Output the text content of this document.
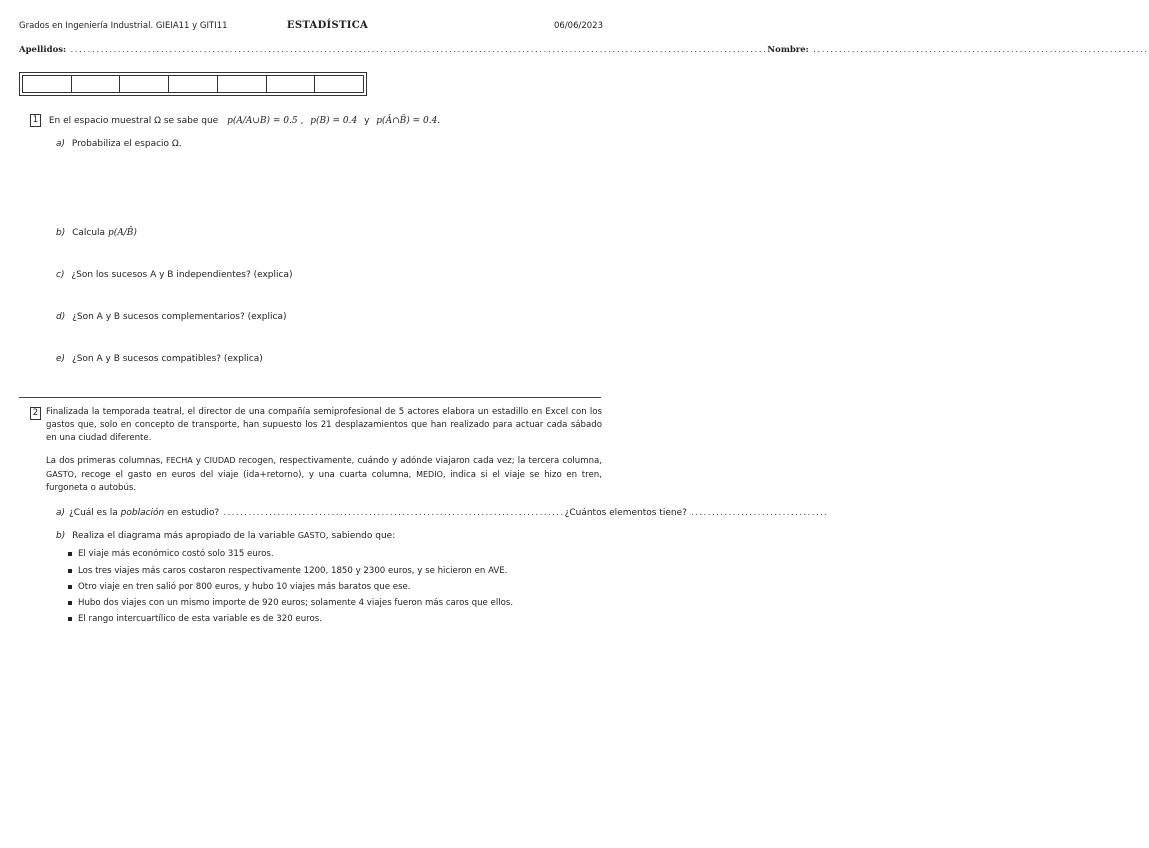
Grados en Ingeniería Industrial. GIEIA11 y GITI11	ESTADÍSTICA	06/06/2023
Apellidos: .................................................................................................................................................................. Nombre: ..............................................................................
1 En el espacio muestral Ω se sabe que p(A/A∪B) = 0.5 , p(B) = 0.4 y p(Ā∩B̄) = 0.4.
a) Probabiliza el espacio Ω.
b) Calcula p(A/B̄)
c) ¿Son los sucesos A y B independientes? (explica)
d) ¿Son A y B sucesos complementarios? (explica)
e) ¿Son A y B sucesos compatibles? (explica)
2 Finalizada la temporada teatral, el director de una compañía semiprofesional de 5 actores elabora un estadillo en Excel con los gastos que, solo en concepto de transporte, han supuesto los 21 desplazamientos que han realizado para actuar cada sábado en una ciudad diferente.
La dos primeras columnas, FECHA y CIUDAD recogen, respectivamente, cuándo y adónde viajaron cada vez; la tercera columna, GASTO, recoge el gasto en euros del viaje (ida+retorno), y una cuarta columna, MEDIO, indica si el viaje se hizo en tren, furgoneta o autobús.
a) ¿Cuál es la
población
en estudio? .................................................................................. ¿Cuántos elementos tiene? .................................
b) Realiza el diagrama más apropiado de la variable GASTO, sabiendo que:
El viaje más económico costó solo 315 euros.
Los tres viajes más caros costaron respectivamente 1200, 1850 y 2300 euros, y se hicieron en AVE.
Otro viaje en tren salió por 800 euros, y hubo 10 viajes más baratos que ese.
Hubo dos viajes con un mismo importe de 920 euros; solamente 4 viajes fueron más caros que ellos.
El rango intercuartílico de esta variable es de 320 euros.
